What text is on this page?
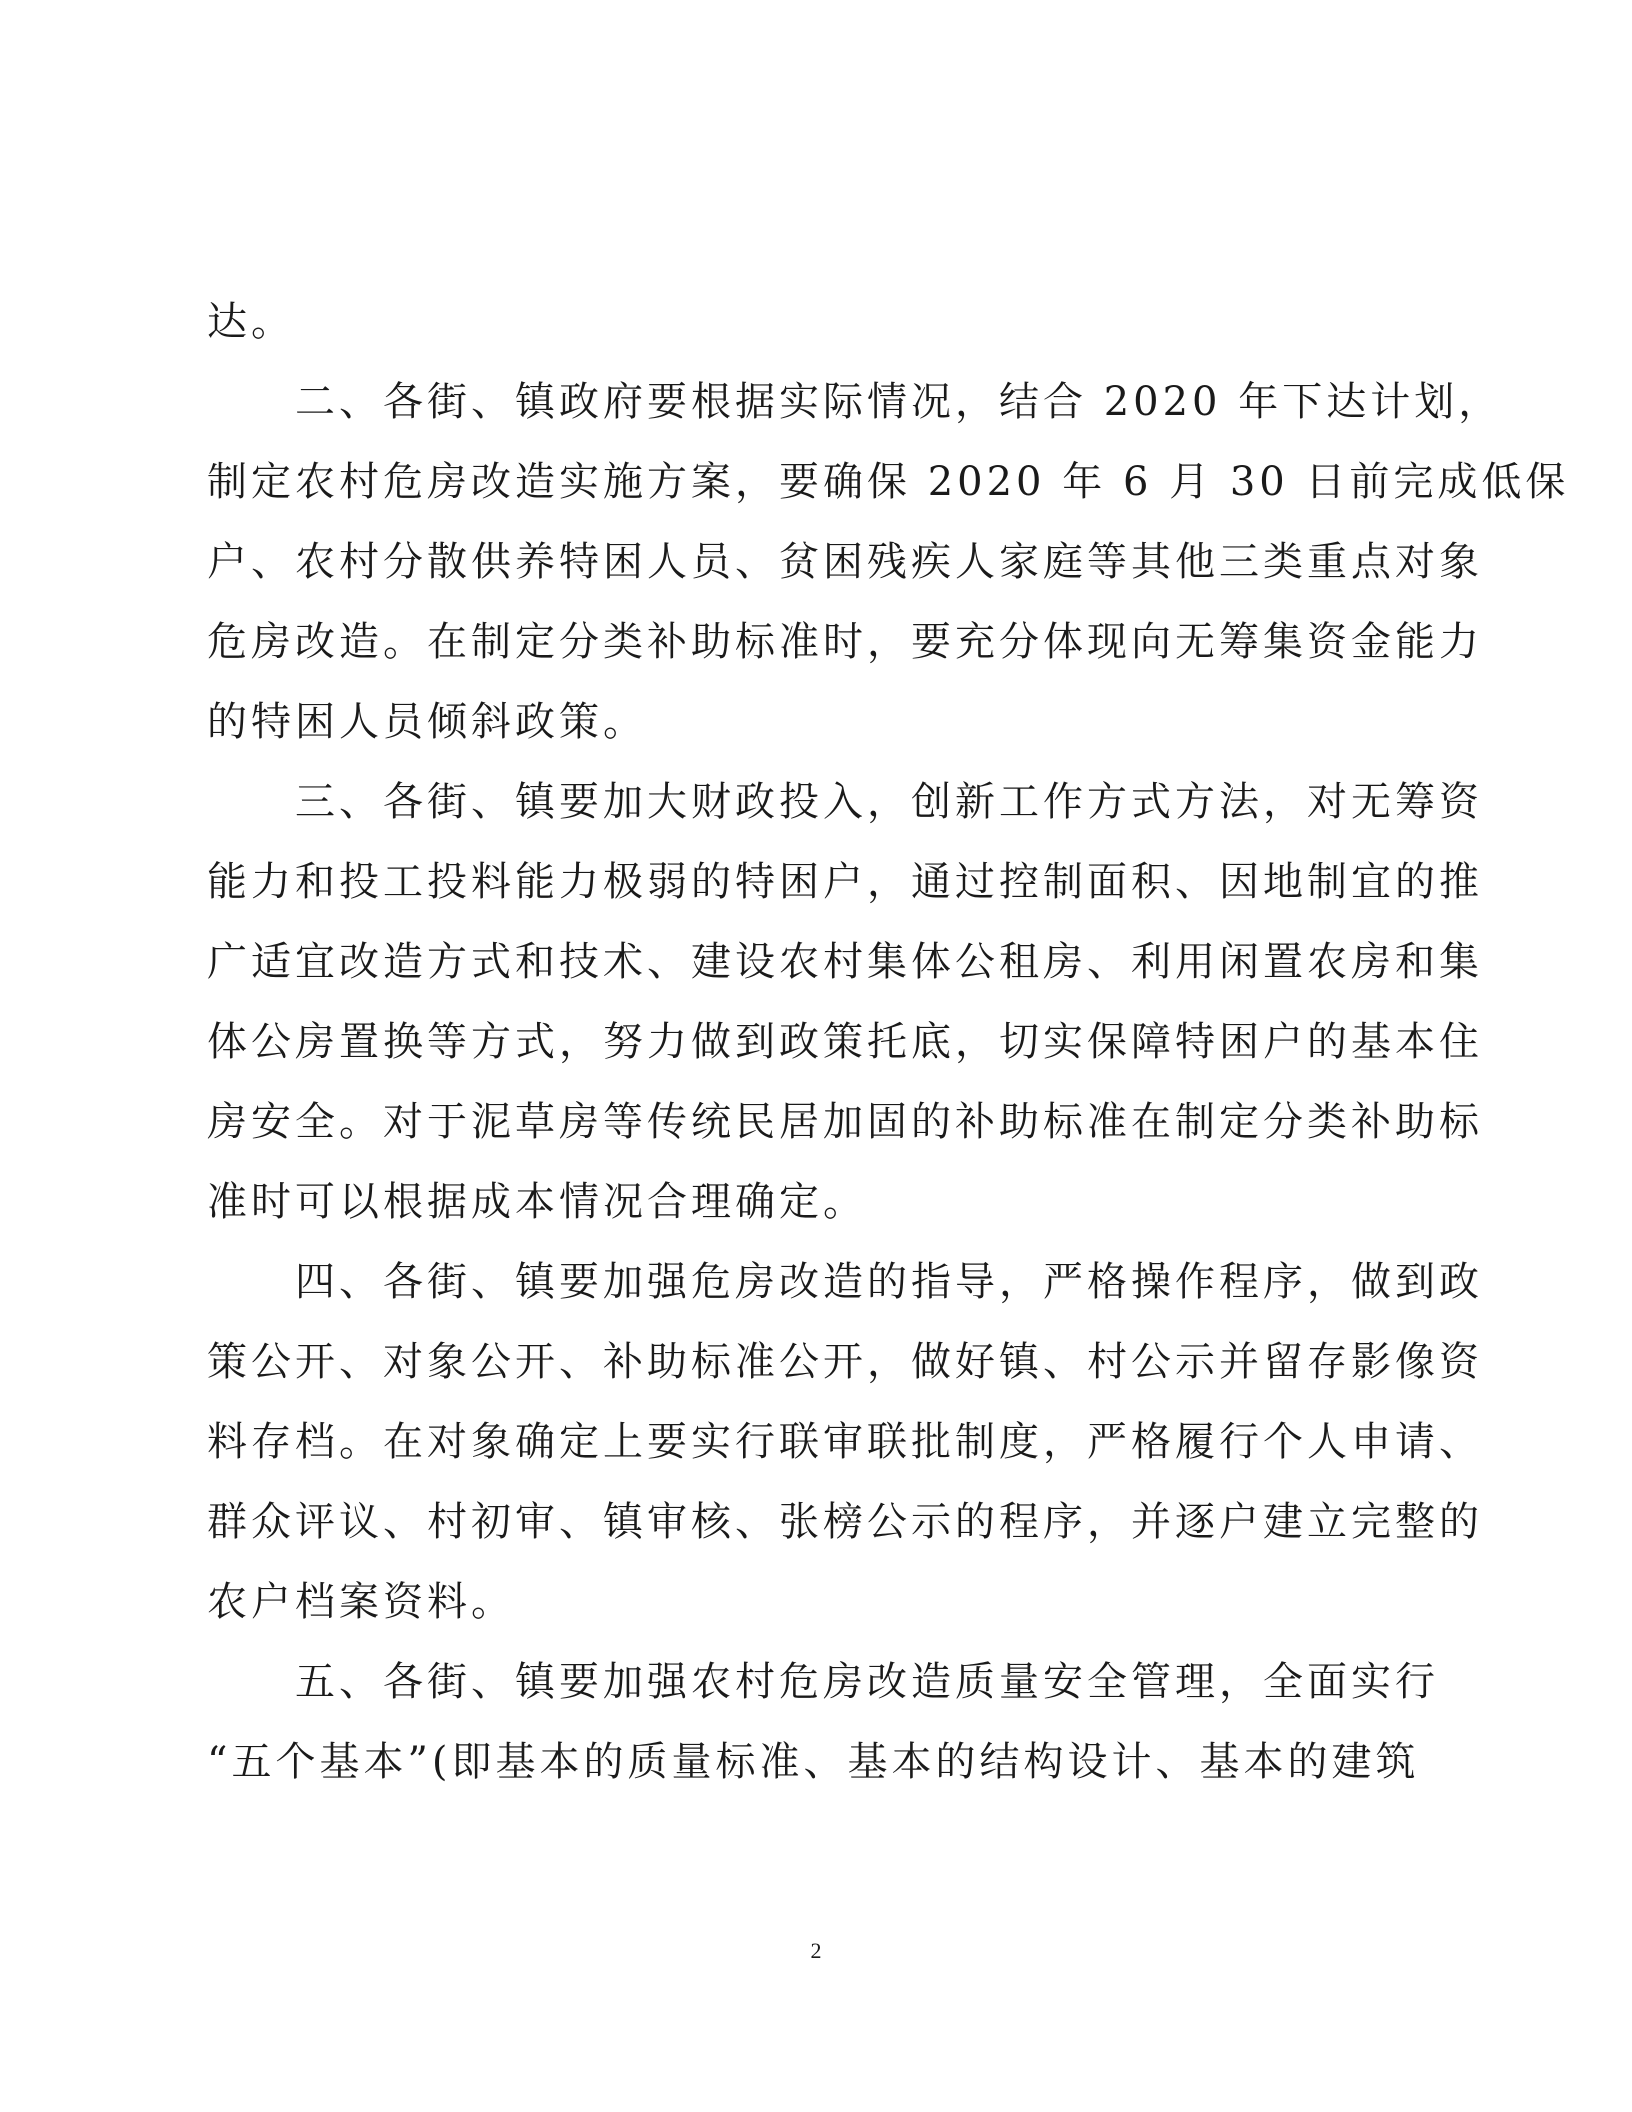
达。
二、各街、镇政府要根据实际情况，结合 2020 年下达计划，
制定农村危房改造实施方案，要确保 2020 年 6 月 30 日前完成低保
户、农村分散供养特困人员、贫困残疾人家庭等其他三类重点对象
危房改造。在制定分类补助标准时，要充分体现向无筹集资金能力
的特困人员倾斜政策。
三、各街、镇要加大财政投入，创新工作方式方法，对无筹资
能力和投工投料能力极弱的特困户，通过控制面积、因地制宜的推
广适宜改造方式和技术、建设农村集体公租房、利用闲置农房和集
体公房置换等方式，努力做到政策托底，切实保障特困户的基本住
房安全。对于泥草房等传统民居加固的补助标准在制定分类补助标
准时可以根据成本情况合理确定。
四、各街、镇要加强危房改造的指导，严格操作程序，做到政
策公开、对象公开、补助标准公开，做好镇、村公示并留存影像资
料存档。在对象确定上要实行联审联批制度，严格履行个人申请、
群众评议、村初审、镇审核、张榜公示的程序，并逐户建立完整的
农户档案资料。
五、各街、镇要加强农村危房改造质量安全管理，全面实行
“五个基本”(即基本的质量标准、基本的结构设计、基本的建筑
2
